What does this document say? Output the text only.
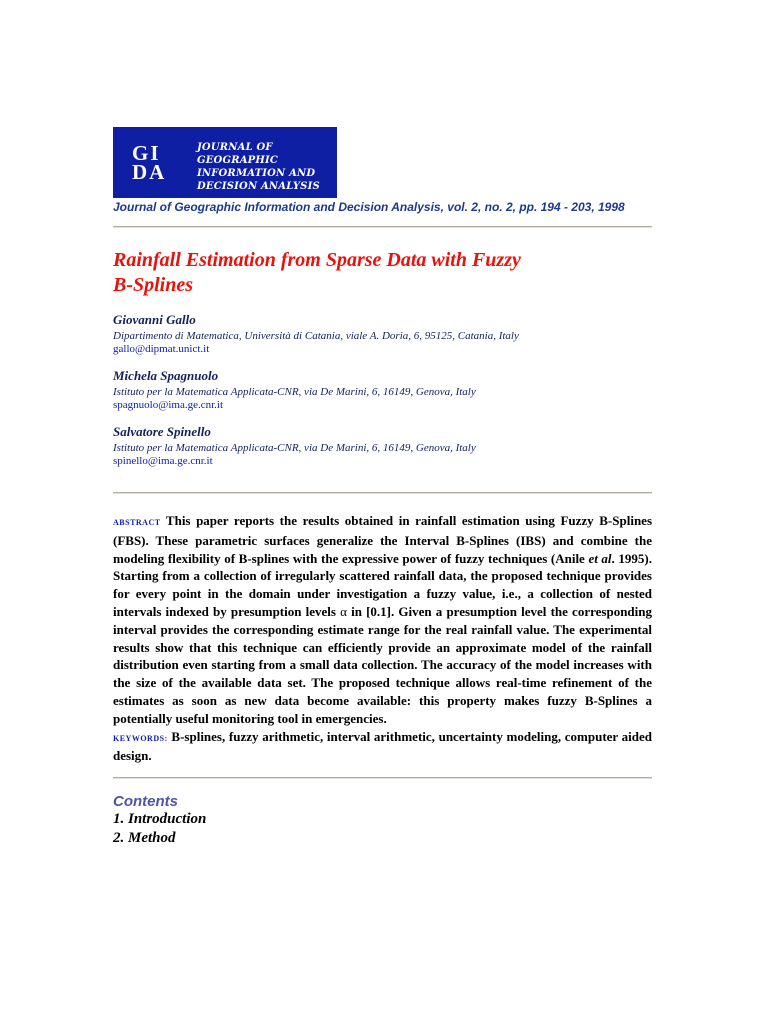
GI
DA
JOURNAL OF GEOGRAPHIC
INFORMATION AND
DECISION ANALYSIS
Journal of Geographic Information and Decision Analysis, vol. 2, no. 2, pp. 194 - 203, 1998
Rainfall Estimation from Sparse Data with Fuzzy
B-Splines
Giovanni Gallo
Dipartimento di Matematica, Università di Catania, viale A. Doria, 6, 95125, Catania, Italy
gallo@dipmat.unict.it
Michela Spagnuolo
Istituto per la Matematica Applicata-CNR, via De Marini, 6, 16149, Genova, Italy
spagnuolo@ima.ge.cnr.it
Salvatore Spinello
Istituto per la Matematica Applicata-CNR, via De Marini, 6, 16149, Genova, Italy
spinello@ima.ge.cnr.it
ABSTRACT This paper reports the results obtained in rainfall estimation using Fuzzy B-Splines (FBS). These parametric surfaces generalize the Interval B-Splines (IBS) and combine the modeling flexibility of B-splines with the expressive power of fuzzy techniques (Anile et al. 1995). Starting from a collection of irregularly scattered rainfall data, the proposed technique provides for every point in the domain under investigation a fuzzy value, i.e., a collection of nested intervals indexed by presumption levels α in [0.1]. Given a presumption level the corresponding interval provides the corresponding estimate range for the real rainfall value. The experimental results show that this technique can efficiently provide an approximate model of the rainfall distribution even starting from a small data collection. The accuracy of the model increases with the size of the available data set. The proposed technique allows real-time refinement of the estimates as soon as new data become available: this property makes fuzzy B-Splines a potentially useful monitoring tool in emergencies.
KEYWORDS: B-splines, fuzzy arithmetic, interval arithmetic, uncertainty modeling, computer aided design.
Contents
1. Introduction
2. Method
